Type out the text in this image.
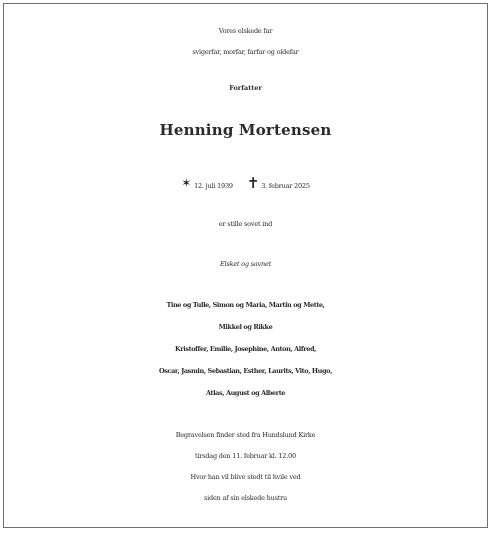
Vores elskede far
svigerfar, morfar, farfar og oldefar
Forfatter
Henning Mortensen
✶ 12. juli 1939 ✝ 3. februar 2025
er stille sovet ind
Elsket og savnet
Tine og Tulle, Simon og Maria, Martin og Mette,
Mikkel og Rikke
Kristoffer, Emilie, Josephine, Anton, Alfred,
Oscar, Jasmin, Sebastian, Esther, Laurits, Vito, Hugo,
Atlas, August og Alberte
Begravelsen finder sted fra Hundslund Kirke
tirsdag den 11. februar kl. 12.00
Hvor han vil blive stedt til hvile ved
siden af sin elskede hustru
